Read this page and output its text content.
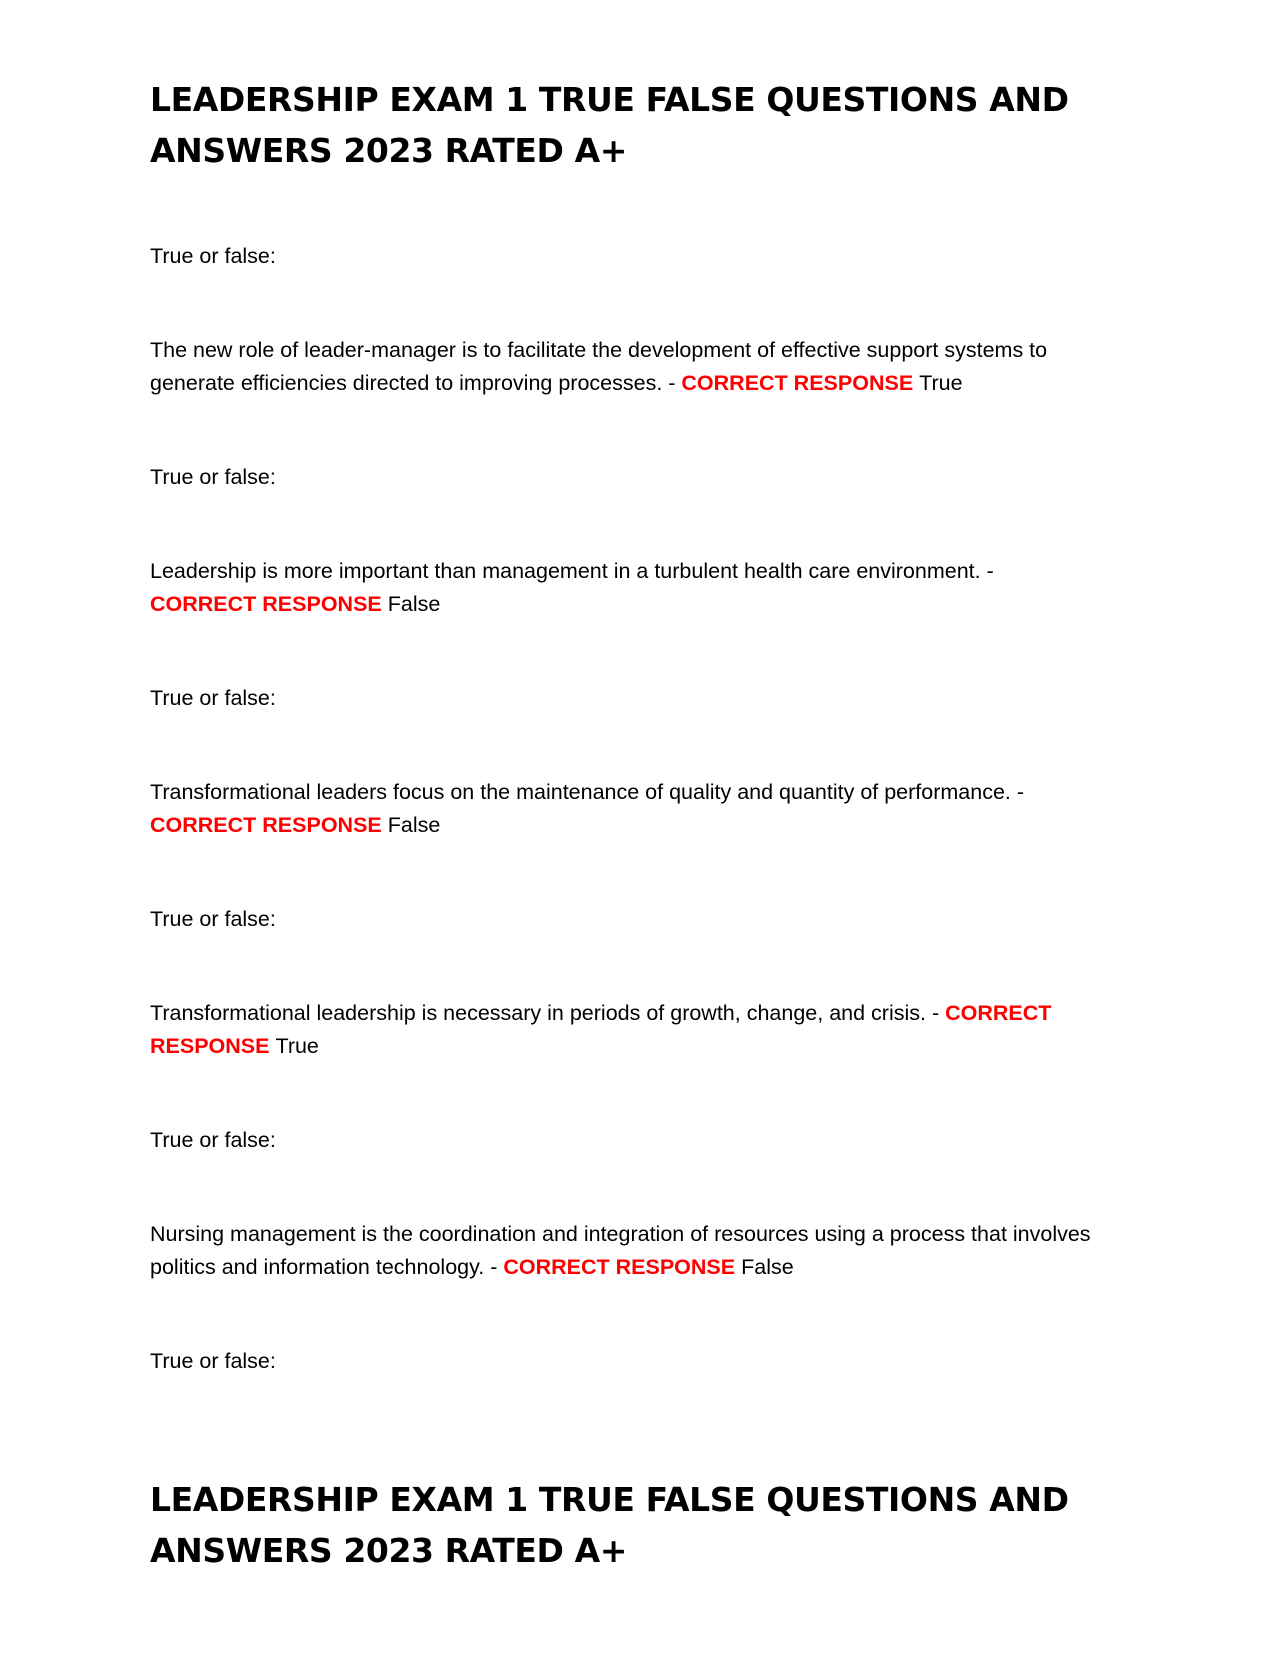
LEADERSHIP EXAM 1 TRUE FALSE QUESTIONS AND ANSWERS 2023 RATED A+

True or false:

The new role of leader-manager is to facilitate the development of effective support systems to generate efficiencies directed to improving processes. - CORRECT RESPONSE True

True or false:

Leadership is more important than management in a turbulent health care environment. -
CORRECT RESPONSE False

True or false:

Transformational leaders focus on the maintenance of quality and quantity of performance. -
CORRECT RESPONSE False

True or false:

Transformational leadership is necessary in periods of growth, change, and crisis. - CORRECT RESPONSE True

True or false:

Nursing management is the coordination and integration of resources using a process that involves politics and information technology. - CORRECT RESPONSE False

True or false:

LEADERSHIP EXAM 1 TRUE FALSE QUESTIONS AND ANSWERS 2023 RATED A+
